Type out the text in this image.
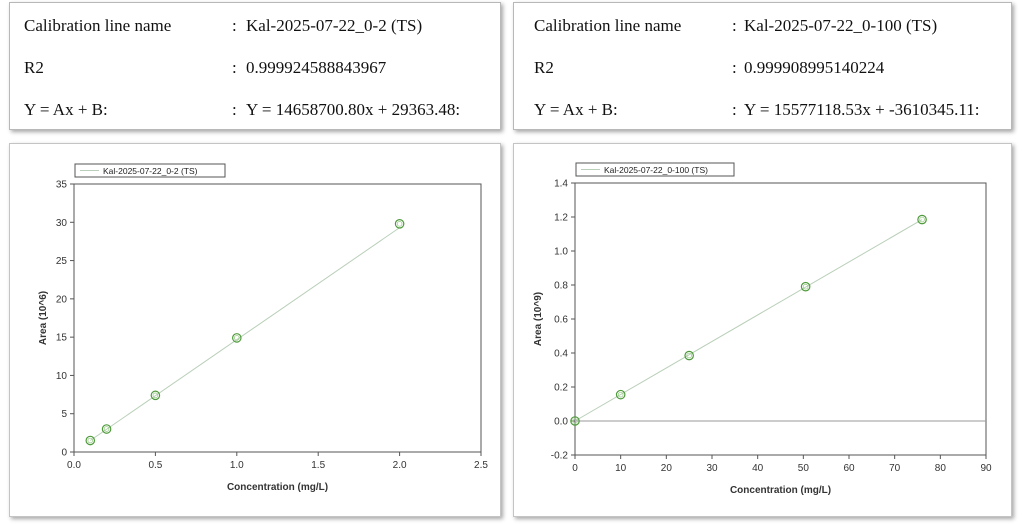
Calibration line name	: Kal-2025-07-22_0-2 (TS)
R2	: 0.999924588843967
Y = Ax + B:	: Y = 14658700.80x + 29363.48:
Calibration line name	: Kal-2025-07-22_0-100 (TS)
R2	: 0.999908995140224
Y = Ax + B:	: Y = 15577118.53x + -3610345.11:
0.0	0.5	1.0	1.5	2.0	2.5
0
5
10
15
20
25
30
35
Concentration (mg/L)
Area (10^6)
Kal-2025-07-22_0-2 (TS)
0	10	20	30	40	50	60	70	80	90
-0.2
0.0
0.2
0.4
0.6
0.8
1.0
1.2
1.4
Concentration (mg/L)
Area (10^9)
Kal-2025-07-22_0-100 (TS)
